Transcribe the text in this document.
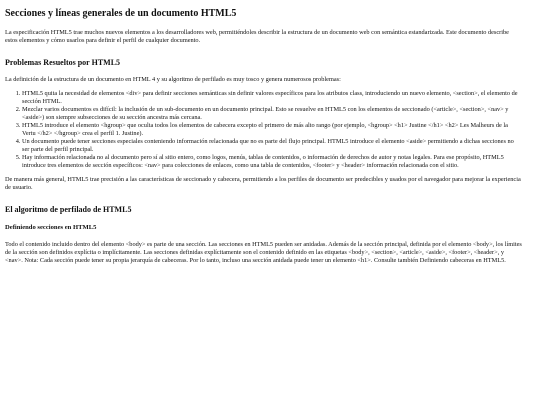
Secciones y líneas generales de un documento HTML5

La especificación HTML5 trae muchos nuevos elementos a los desarrolladores web, permitiéndoles describir la estructura de un documento web con semántica estandarizada. Este documento describe estos elementos y cómo usarlos para definir el perfil de cualquier documento.

Problemas Resueltos por HTML5

La definición de la estructura de un documento en HTML 4 y su algoritmo de perfilado es muy tosco y genera numerosos problemas:

1. HTML5 quita la necesidad de elementos <div> para definir secciones semánticas sin definir valores específicos para los atributos class, introduciendo un nuevo elemento, <section>, el elemento de sección HTML.
2. Mezclar varios documentos es difícil: la inclusión de un sub-documento en un documento principal. Esto se resuelve en HTML5 con los elementos de seccionado (<article>, <section>, <nav> y <aside>) son siempre subsecciones de su sección ancestra más cercana.
3. HTML5 introduce el elemento <hgroup> que oculta todos los elementos de cabecera excepto el primero de más alto rango (por ejemplo, <hgroup> <h1> Justine </h1> <h2> Les Malheurs de la Vertu </h2> </hgroup> crea el perfil 1. Justine).
4. Un documento puede tener secciones especiales conteniendo información relacionada que no es parte del flujo principal. HTML5 introduce el elemento <aside> permitiendo a dichas secciones no ser parte del perfil principal.
5. Hay información relacionada no al documento pero sí al sitio entero, como logos, menús, tablas de contenidos, o información de derechos de autor y notas legales. Para ese propósito, HTML5 introduce tres elementos de sección específicos: <nav> para colecciones de enlaces, como una tabla de contenidos, <footer> y <header> información relacionada con el sitio.

De manera más general, HTML5 trae precisión a las características de seccionado y cabecera, permitiendo a los perfiles de documento ser predecibles y usados por el navegador para mejorar la experiencia de usuario.

El algoritmo de perfilado de HTML5
Definiendo secciones en HTML5

Todo el contenido incluido dentro del elemento <body> es parte de una sección. Las secciones en HTML5 pueden ser anidadas. Además de la sección principal, definida por el elemento <body>, los límites de la sección son definidos explícita o implícitamente. Las secciones definidas explícitamente son el contenido definido en las etiquetas <body>, <section>, <article>, <aside>, <footer>, <header>, y <nav>. Nota: Cada sección puede tener su propia jerarquía de cabeceras. Por lo tanto, incluso una sección anidada puede tener un elemento <h1>. Consulte también Definiendo cabeceras en HTML5.
